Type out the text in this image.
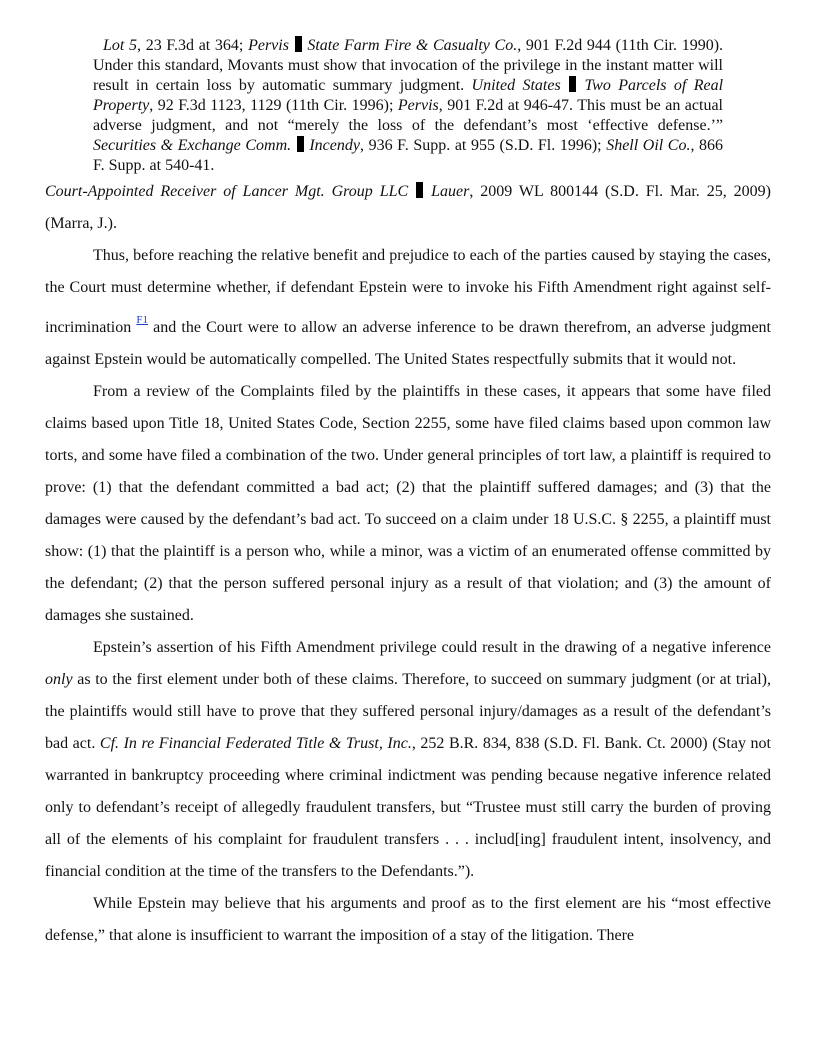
Lot 5, 23 F.3d at 364; Pervis State Farm Fire & Casualty Co., 901 F.2d 944 (11th Cir. 1990). Under this standard, Movants must show that invocation of the privilege in the instant matter will result in certain loss by automatic summary judgment. United States Two Parcels of Real Property, 92 F.3d 1123, 1129 (11th Cir. 1996); Pervis, 901 F.2d at 946-47. This must be an actual adverse judgment, and not “merely the loss of the defendant’s most ‘effective defense.’” Securities & Exchange Comm. Incendy, 936 F. Supp. at 955 (S.D. Fl. 1996); Shell Oil Co., 866 F. Supp. at 540-41.

Court-Appointed Receiver of Lancer Mgt. Group LLC Lauer, 2009 WL 800144 (S.D. Fl. Mar. 25, 2009) (Marra, J.).

Thus, before reaching the relative benefit and prejudice to each of the parties caused by staying the cases, the Court must determine whether, if defendant Epstein were to invoke his Fifth Amendment right against self-incrimination $^{F1}$ and the Court were to allow an adverse inference to be drawn therefrom, an adverse judgment against Epstein would be automatically compelled. The United States respectfully submits that it would not.

From a review of the Complaints filed by the plaintiffs in these cases, it appears that some have filed claims based upon Title 18, United States Code, Section 2255, some have filed claims based upon common law torts, and some have filed a combination of the two. Under general principles of tort law, a plaintiff is required to prove: (1) that the defendant committed a bad act; (2) that the plaintiff suffered damages; and (3) that the damages were caused by the defendant’s bad act. To succeed on a claim under 18 U.S.C. § 2255, a plaintiff must show: (1) that the plaintiff is a person who, while a minor, was a victim of an enumerated offense committed by the defendant; (2) that the person suffered personal injury as a result of that violation; and (3) the amount of damages she sustained.

Epstein’s assertion of his Fifth Amendment privilege could result in the drawing of a negative inference only as to the first element under both of these claims. Therefore, to succeed on summary judgment (or at trial), the plaintiffs would still have to prove that they suffered personal injury/damages as a result of the defendant’s bad act. Cf. In re Financial Federated Title & Trust, Inc., 252 B.R. 834, 838 (S.D. Fl. Bank. Ct. 2000) (Stay not warranted in bankruptcy proceeding where criminal indictment was pending because negative inference related only to defendant’s receipt of allegedly fraudulent transfers, but “Trustee must still carry the burden of proving all of the elements of his complaint for fraudulent transfers . . . includ[ing] fraudulent intent, insolvency, and financial condition at the time of the transfers to the Defendants.”).

While Epstein may believe that his arguments and proof as to the first element are his “most effective defense,” that alone is insufficient to warrant the imposition of a stay of the litigation. There
